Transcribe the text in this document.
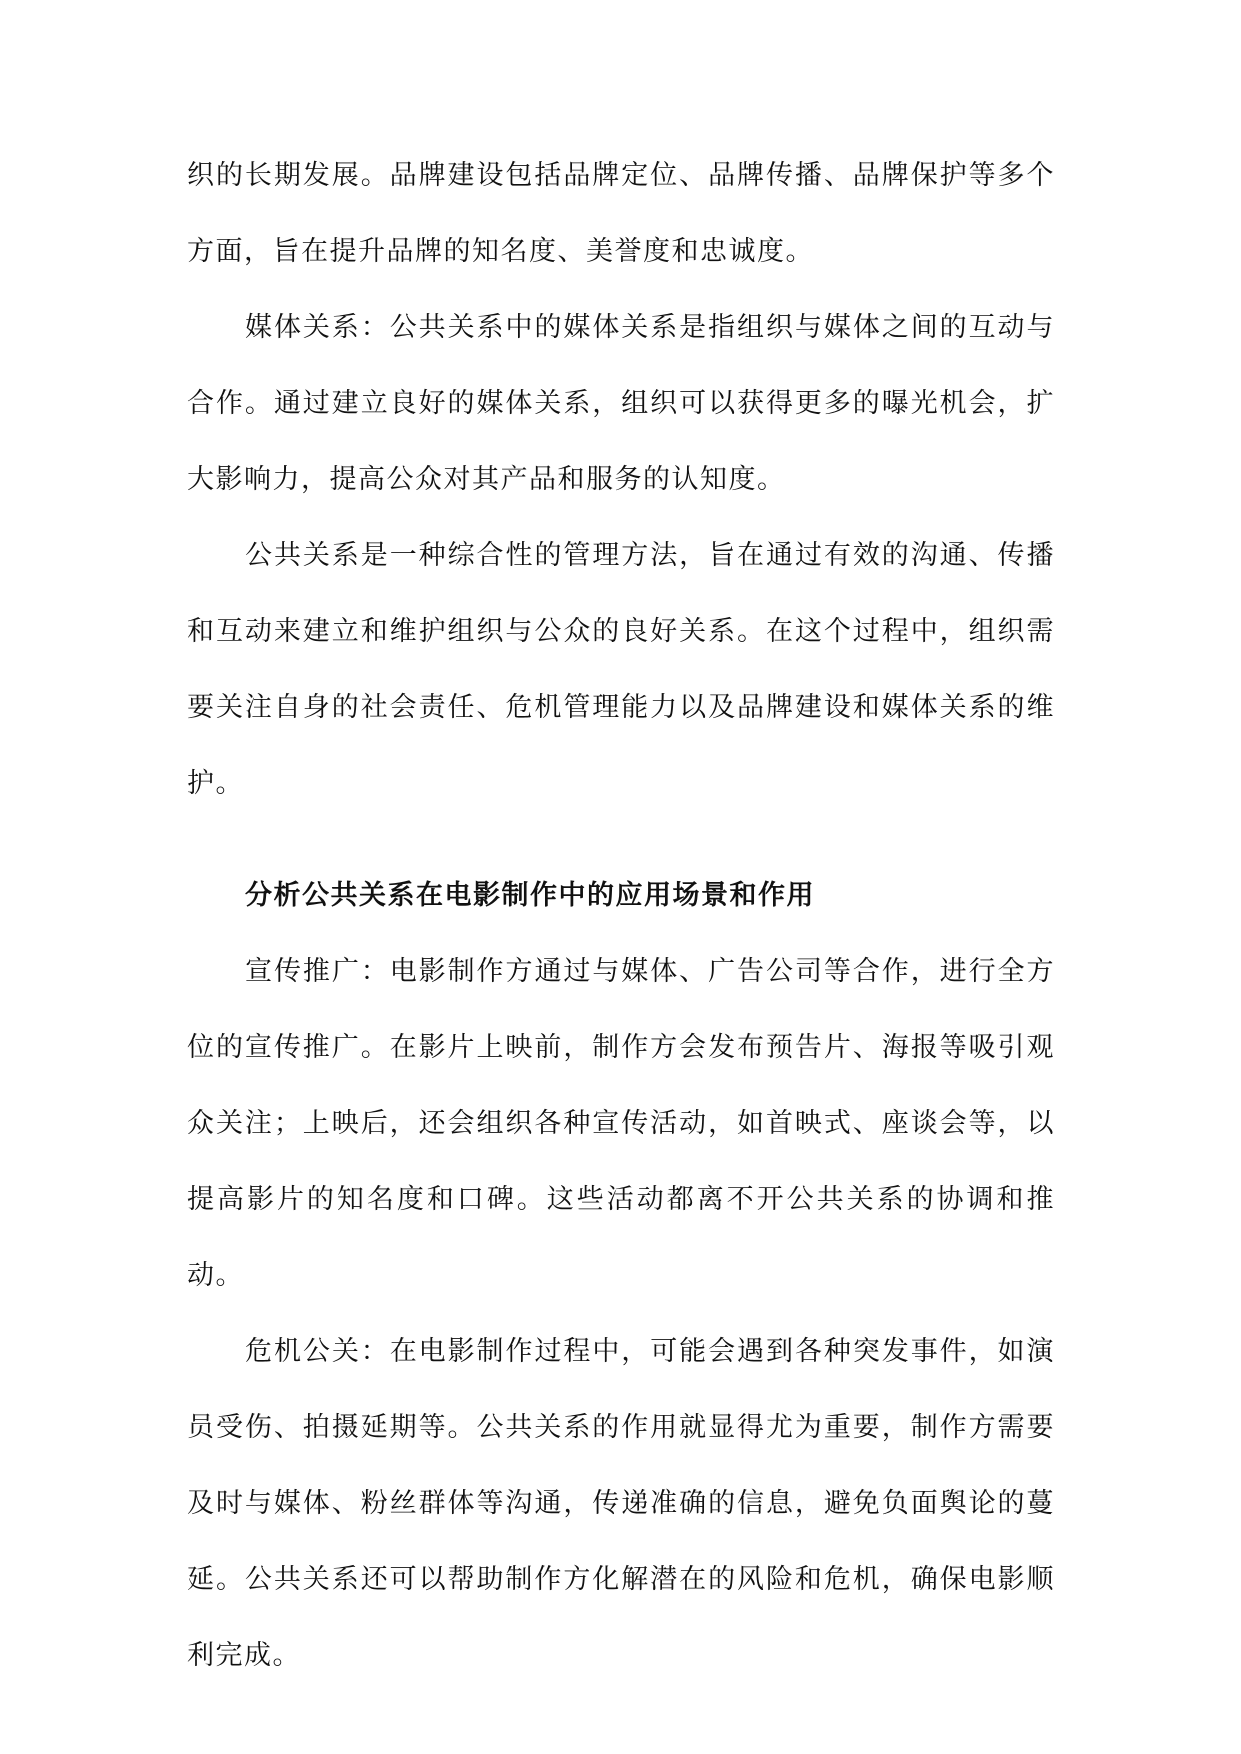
织的长期发展。品牌建设包括品牌定位、品牌传播、品牌保护等多个方面，旨在提升品牌的知名度、美誉度和忠诚度。

媒体关系：公共关系中的媒体关系是指组织与媒体之间的互动与合作。通过建立良好的媒体关系，组织可以获得更多的曝光机会，扩大影响力，提高公众对其产品和服务的认知度。

公共关系是一种综合性的管理方法，旨在通过有效的沟通、传播和互动来建立和维护组织与公众的良好关系。在这个过程中，组织需要关注自身的社会责任、危机管理能力以及品牌建设和媒体关系的维护。

分析公共关系在电影制作中的应用场景和作用

宣传推广：电影制作方通过与媒体、广告公司等合作，进行全方位的宣传推广。在影片上映前，制作方会发布预告片、海报等吸引观众关注；上映后，还会组织各种宣传活动，如首映式、座谈会等，以提高影片的知名度和口碑。这些活动都离不开公共关系的协调和推动。

危机公关：在电影制作过程中，可能会遇到各种突发事件，如演员受伤、拍摄延期等。公共关系的作用就显得尤为重要，制作方需要及时与媒体、粉丝群体等沟通，传递准确的信息，避免负面舆论的蔓延。公共关系还可以帮助制作方化解潜在的风险和危机，确保电影顺利完成。
